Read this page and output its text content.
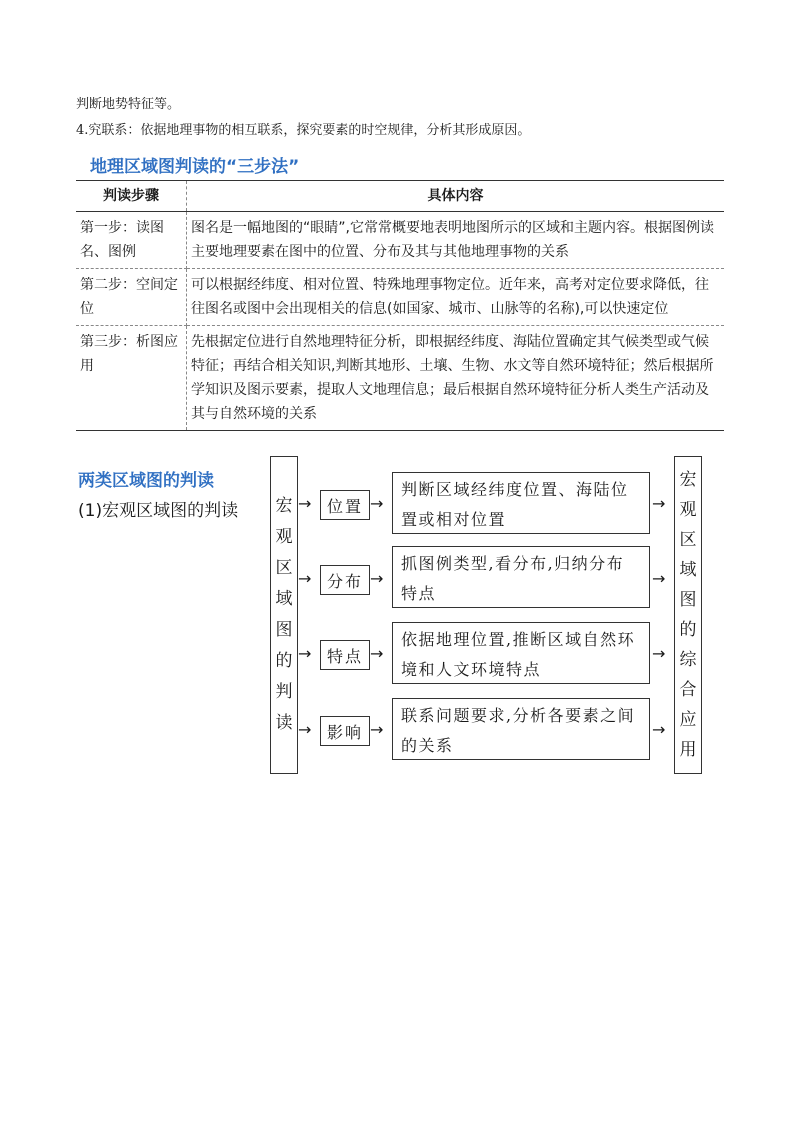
判断地势特征等。
4.究联系：依据地理事物的相互联系，探究要素的时空规律，分析其形成原因。
地理区域图判读的“三步法”
判读步骤	具体内容
第一步：读图名、图例	图名是一幅地图的“眼睛”,它常常概要地表明地图所示的区域和主题内容。根据图例读主要地理要素在图中的位置、分布及其与其他地理事物的关系
第二步：空间定位	可以根据经纬度、相对位置、特殊地理事物定位。近年来，高考对定位要求降低，往往图名或图中会出现相关的信息(如国家、城市、山脉等的名称),可以快速定位
第三步：析图应用	先根据定位进行自然地理特征分析，即根据经纬度、海陆位置确定其气候类型或气候特征；再结合相关知识,判断其地形、土壤、生物、水文等自然环境特征；然后根据所学知识及图示要素，提取人文地理信息；最后根据自然环境特征分析人类生产活动及其与自然环境的关系
两类区域图的判读
(1)宏观区域图的判读 宏
观
区
域
图
的
判
读
宏
观
区
域
图
的
综
合
应
用
→ 位置 →
判断区域经纬度位置、海陆位置或相对位置
→
→ 分布 →
抓图例类型,看分布,归纳分布特点
→
→ 特点 →
依据地理位置,推断区域自然环境和人文环境特点
→
→ 影响 →
联系问题要求,分析各要素之间的关系
→
